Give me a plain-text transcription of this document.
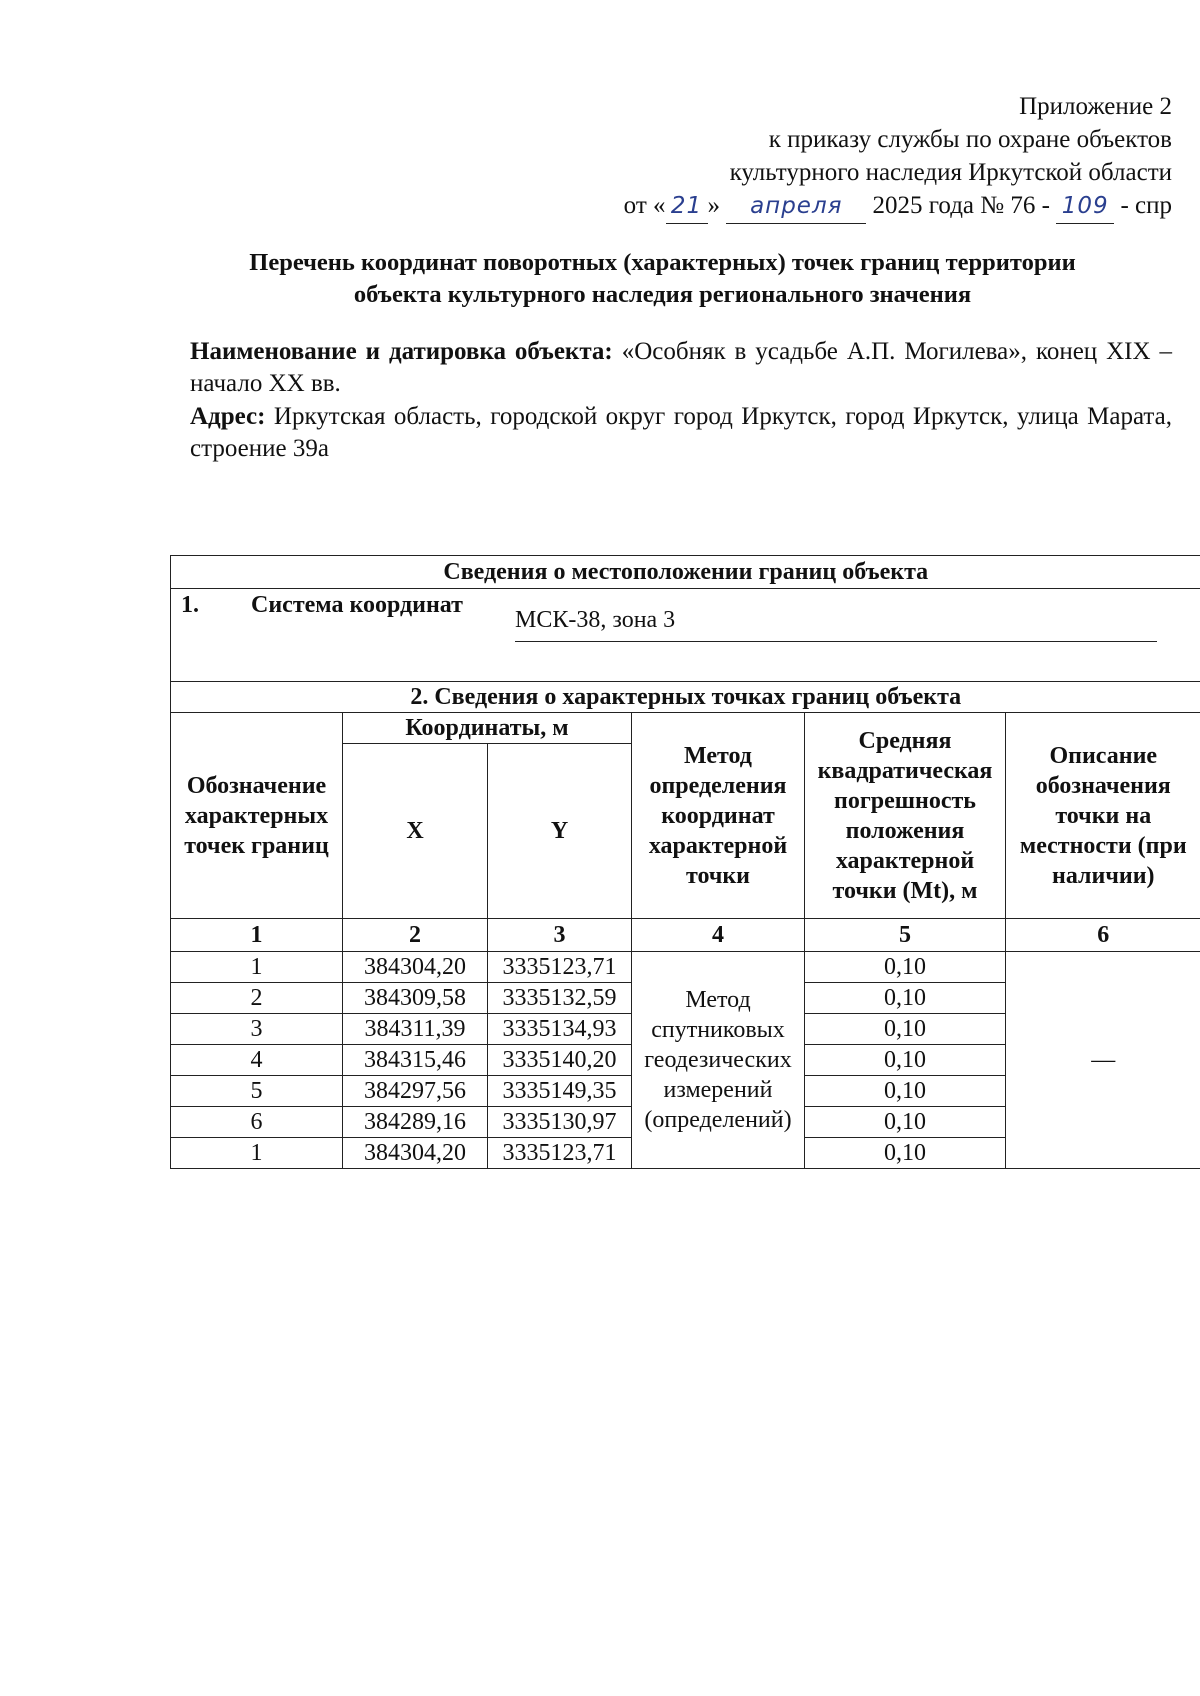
Приложение 2
к приказу службы по охране объектов
культурного наследия Иркутской области
от « 21 » апреля 2025 года № 76 - 109 - спр
Перечень координат поворотных (характерных) точек границ территории
объекта культурного наследия регионального значения

Наименование и датировка объекта: «Особняк в усадьбе А.П. Могилева», конец XIX – начало XX вв.

Адрес: Иркутская область, городской округ город Иркутск, город Иркутск, улица Марата, строение 39а

Сведения о местоположении границ объекта					

1. Система координат
МСК-38, зона 3					

2. Сведения о характерных точках границ объекта					
Обозначение характерных точек границ	Координаты, м		Метод определения координат характерной точки	Средняя квадратическая погрешность положения характерной точки (Mt), м	Описание обозначения точки на местности (при наличии)
	X	Y			
1	2	3	4	5	6
1	384304,20	3335123,71	Метод спутниковых геодезических измерений (определений)	0,10	—
2	384309,58	3335132,59		0,10	
3	384311,39	3335134,93		0,10	
4	384315,46	3335140,20		0,10	
5	384297,56	3335149,35		0,10	
6	384289,16	3335130,97		0,10	
1	384304,20	3335123,71		0,10	
